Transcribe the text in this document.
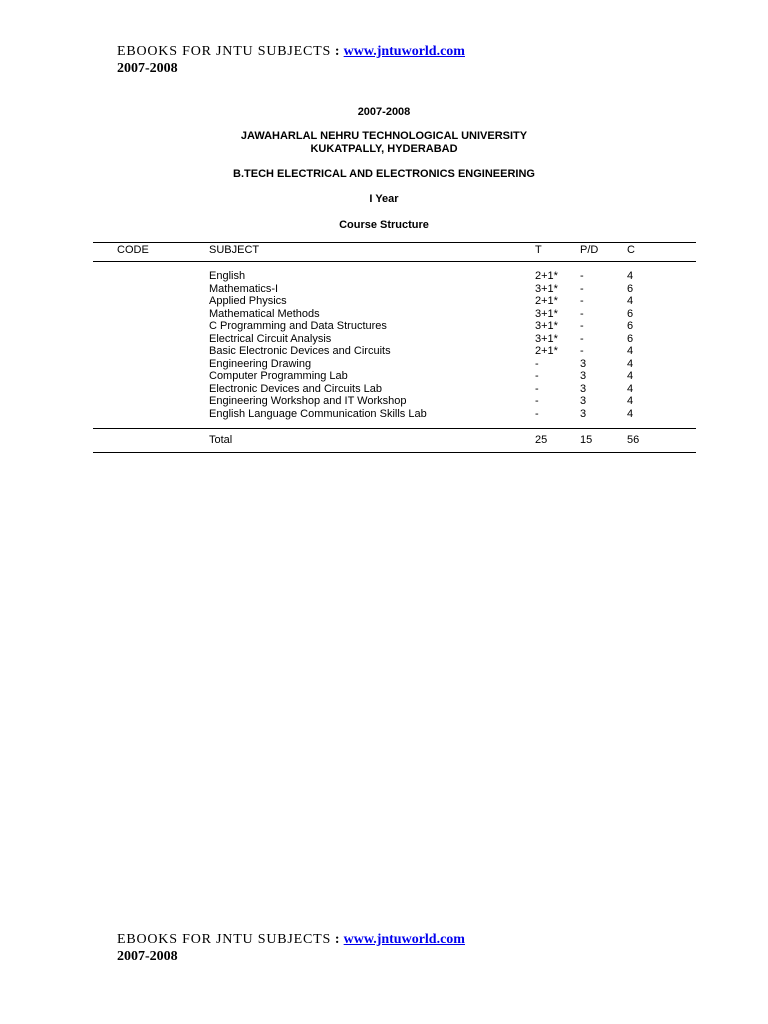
EBOOKS FOR JNTU SUBJECTS : www.jntuworld.com
2007-2008
2007-2008
JAWAHARLAL NEHRU TECHNOLOGICAL UNIVERSITY
KUKATPALLY, HYDERABAD
B.TECH ELECTRICAL AND ELECTRONICS ENGINEERING
I Year
Course Structure
CODE	SUBJECT	T	P/D	C
English	2+1* -	4
Mathematics-I	3+1* -	6
Applied Physics	2+1* -	4
Mathematical Methods	3+1* -	6
C Programming and Data Structures	3+1* -	6
Electrical Circuit Analysis	3+1* -	6
Basic Electronic Devices and Circuits	2+1* -	4
Engineering Drawing	-	3	4
Computer Programming Lab	-	3	4
Electronic Devices and Circuits Lab	-	3	4
Engineering Workshop and IT Workshop	-	3	4
English Language Communication Skills Lab	-	3	4
Total	25	15	56
EBOOKS FOR JNTU SUBJECTS : www.jntuworld.com
2007-2008
